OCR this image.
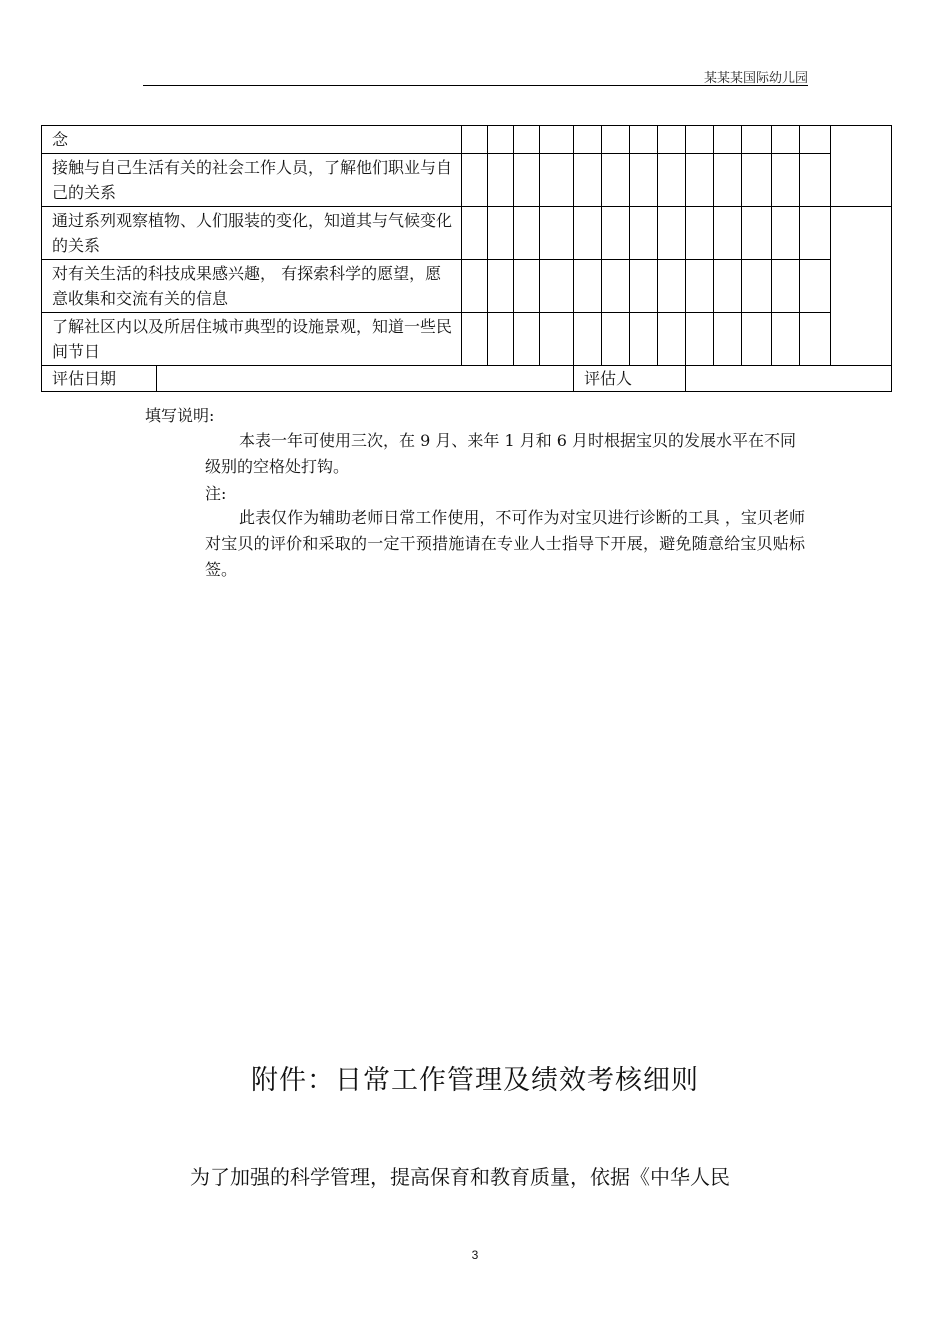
某某某国际幼儿园
念															
接触与自己生活有关的社会工作人员，了解他们职业与自己的关系															
通过系列观察植物、人们服装的变化，知道其与气候变化的关系															
对有关生活的科技成果感兴趣， 有探索科学的愿望，愿意收集和交流有关的信息															
了解社区内以及所居住城市典型的设施景观，知道一些民间节日															
评估日期						评估人									
填写说明:
本表一年可使用三次，在 9 月、来年 1 月和 6 月时根据宝贝的发展水平在不同级别的空格处打钩。
注:
此表仅作为辅助老师日常工作使用，不可作为对宝贝进行诊断的工具 ，宝贝老师对宝贝的评价和采取的一定干预措施请在专业人士指导下开展，避免随意给宝贝贴标签。
附件：日常工作管理及绩效考核细则
为了加强的科学管理，提高保育和教育质量，依据《中华人民
3
